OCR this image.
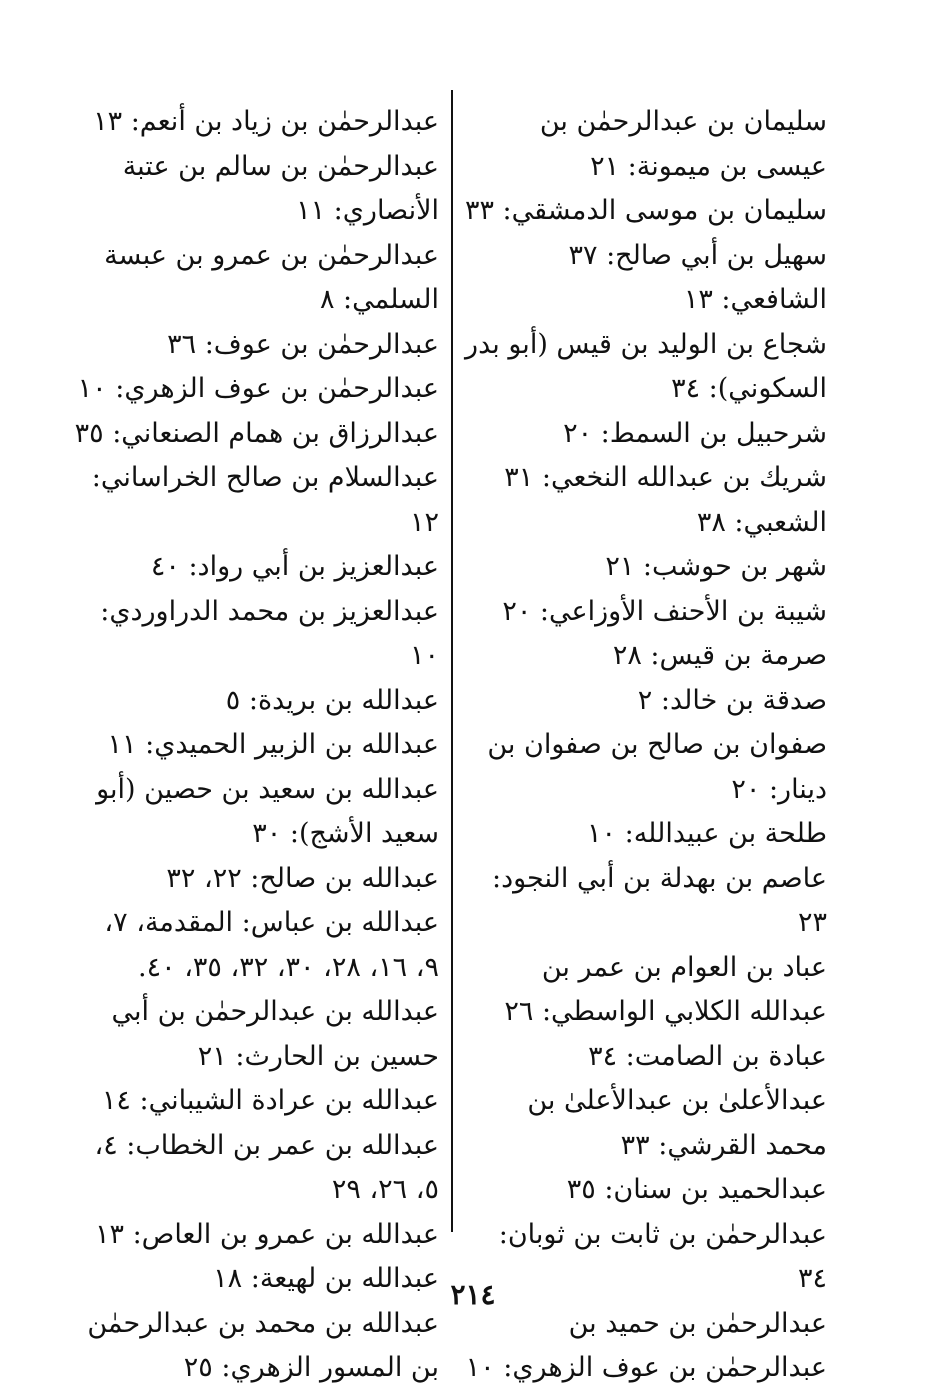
سليمان بن عبدالرحمٰن بن عيسى بن ميمونة: ٢١
سليمان بن موسى الدمشقي: ٣٣
سهيل بن أبي صالح: ٣٧
الشافعي: ١٣
شجاع بن الوليد بن قيس (أبو بدر السكوني): ٣٤
شرحبيل بن السمط: ٢٠
شريك بن عبدالله النخعي: ٣١
الشعبي: ٣٨
شهر بن حوشب: ٢١
شيبة بن الأحنف الأوزاعي: ٢٠
صرمة بن قيس: ٢٨
صدقة بن خالد: ٢
صفوان بن صالح بن صفوان بن دينار: ٢٠
طلحة بن عبيدالله: ١٠
عاصم بن بهدلة بن أبي النجود: ٢٣
عباد بن العوام بن عمر بن عبدالله الكلابي الواسطي: ٢٦
عبادة بن الصامت: ٣٤
عبدالأعلىٰ بن عبدالأعلىٰ بن محمد القرشي: ٣٣
عبدالحميد بن سنان: ٣٥
عبدالرحمٰن بن ثابت بن ثوبان: ٣٤
عبدالرحمٰن بن حميد بن عبدالرحمٰن بن عوف الزهري: ١٠
عبدالرحمٰن بن زياد بن أنعم: ١٣
عبدالرحمٰن بن سالم بن عتبة الأنصاري: ١١
عبدالرحمٰن بن عمرو بن عبسة السلمي: ٨
عبدالرحمٰن بن عوف: ٣٦
عبدالرحمٰن بن عوف الزهري: ١٠
عبدالرزاق بن همام الصنعاني: ٣٥
عبدالسلام بن صالح الخراساني: ١٢
عبدالعزيز بن أبي رواد: ٤٠
عبدالعزيز بن محمد الدراوردي: ١٠
عبدالله بن بريدة: ٥
عبدالله بن الزبير الحميدي: ١١
عبدالله بن سعيد بن حصين (أبو سعيد الأشج): ٣٠
عبدالله بن صالح: ٢٢، ٣٢
عبدالله بن عباس: المقدمة، ٧، ٩، ١٦، ٢٨، ٣٠، ٣٢، ٣٥، ٤٠.
عبدالله بن عبدالرحمٰن بن أبي حسين بن الحارث: ٢١
عبدالله بن عرادة الشيباني: ١٤
عبدالله بن عمر بن الخطاب: ٤، ٥، ٢٦، ٢٩
عبدالله بن عمرو بن العاص: ١٣
عبدالله بن لهيعة: ١٨
عبدالله بن محمد بن عبدالرحمٰن بن المسور الزهري: ٢٥
٢١٤
